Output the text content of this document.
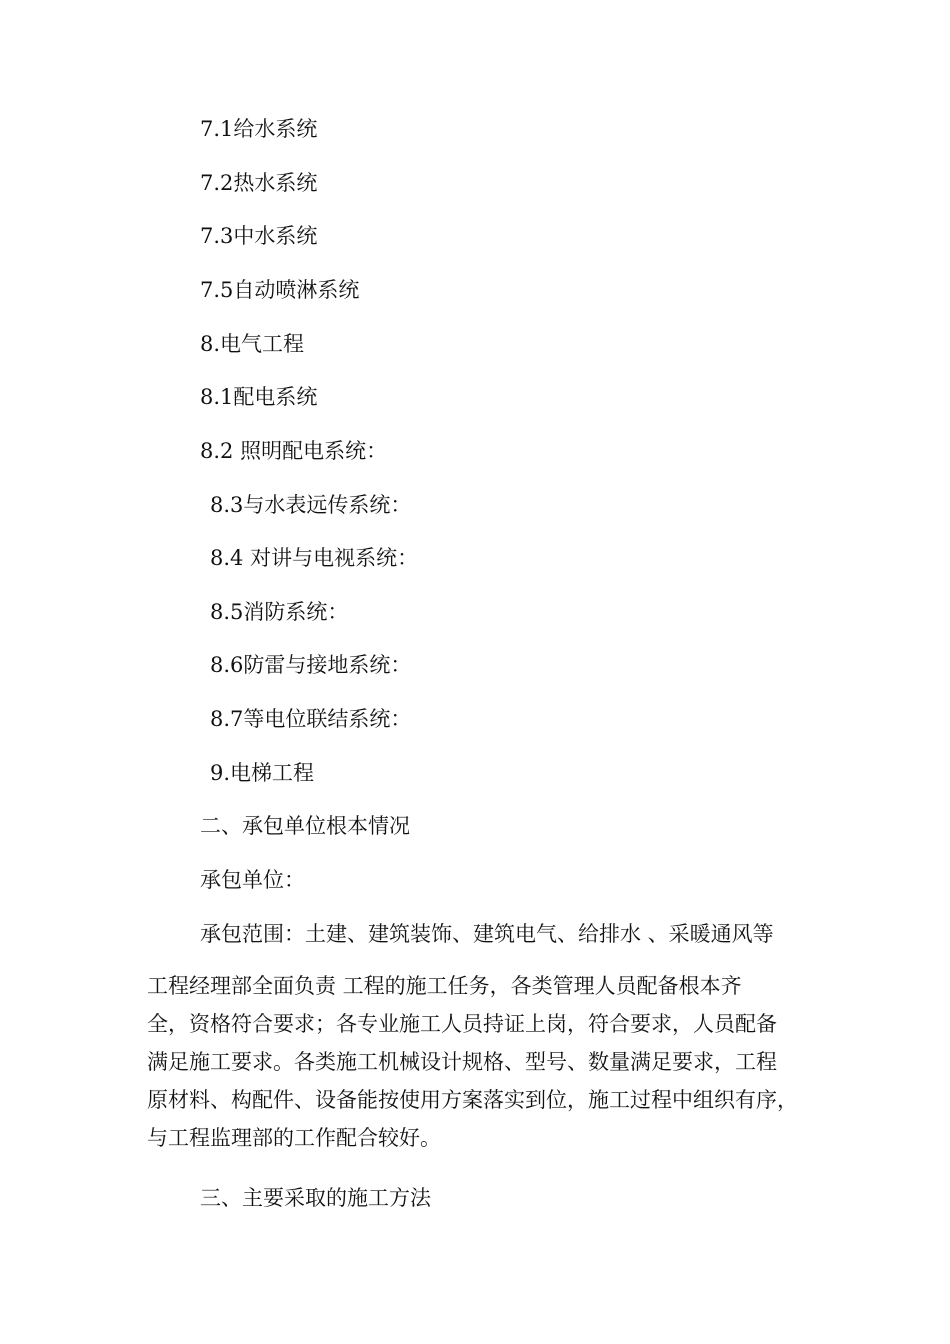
7.1给水系统
7.2热水系统
7.3中水系统
7.5自动喷淋系统
8.电气工程
8.1配电系统
8.2 照明配电系统：
8.3与水表远传系统：
8.4 对讲与电视系统：
8.5消防系统：
8.6防雷与接地系统：
8.7等电位联结系统：
9.电梯工程
二、承包单位根本情况
承包单位：
承包范围：土建、建筑装饰、建筑电气、给排水 、采暖通风等
工程经理部全面负责 工程的施工任务，各类管理人员配备根本齐
全，资格符合要求；各专业施工人员持证上岗，符合要求，人员配备
满足施工要求。各类施工机械设计规格、型号、数量满足要求，工程
原材料、构配件、设备能按使用方案落实到位，施工过程中组织有序，
与工程监理部的工作配合较好。
三、主要采取的施工方法
